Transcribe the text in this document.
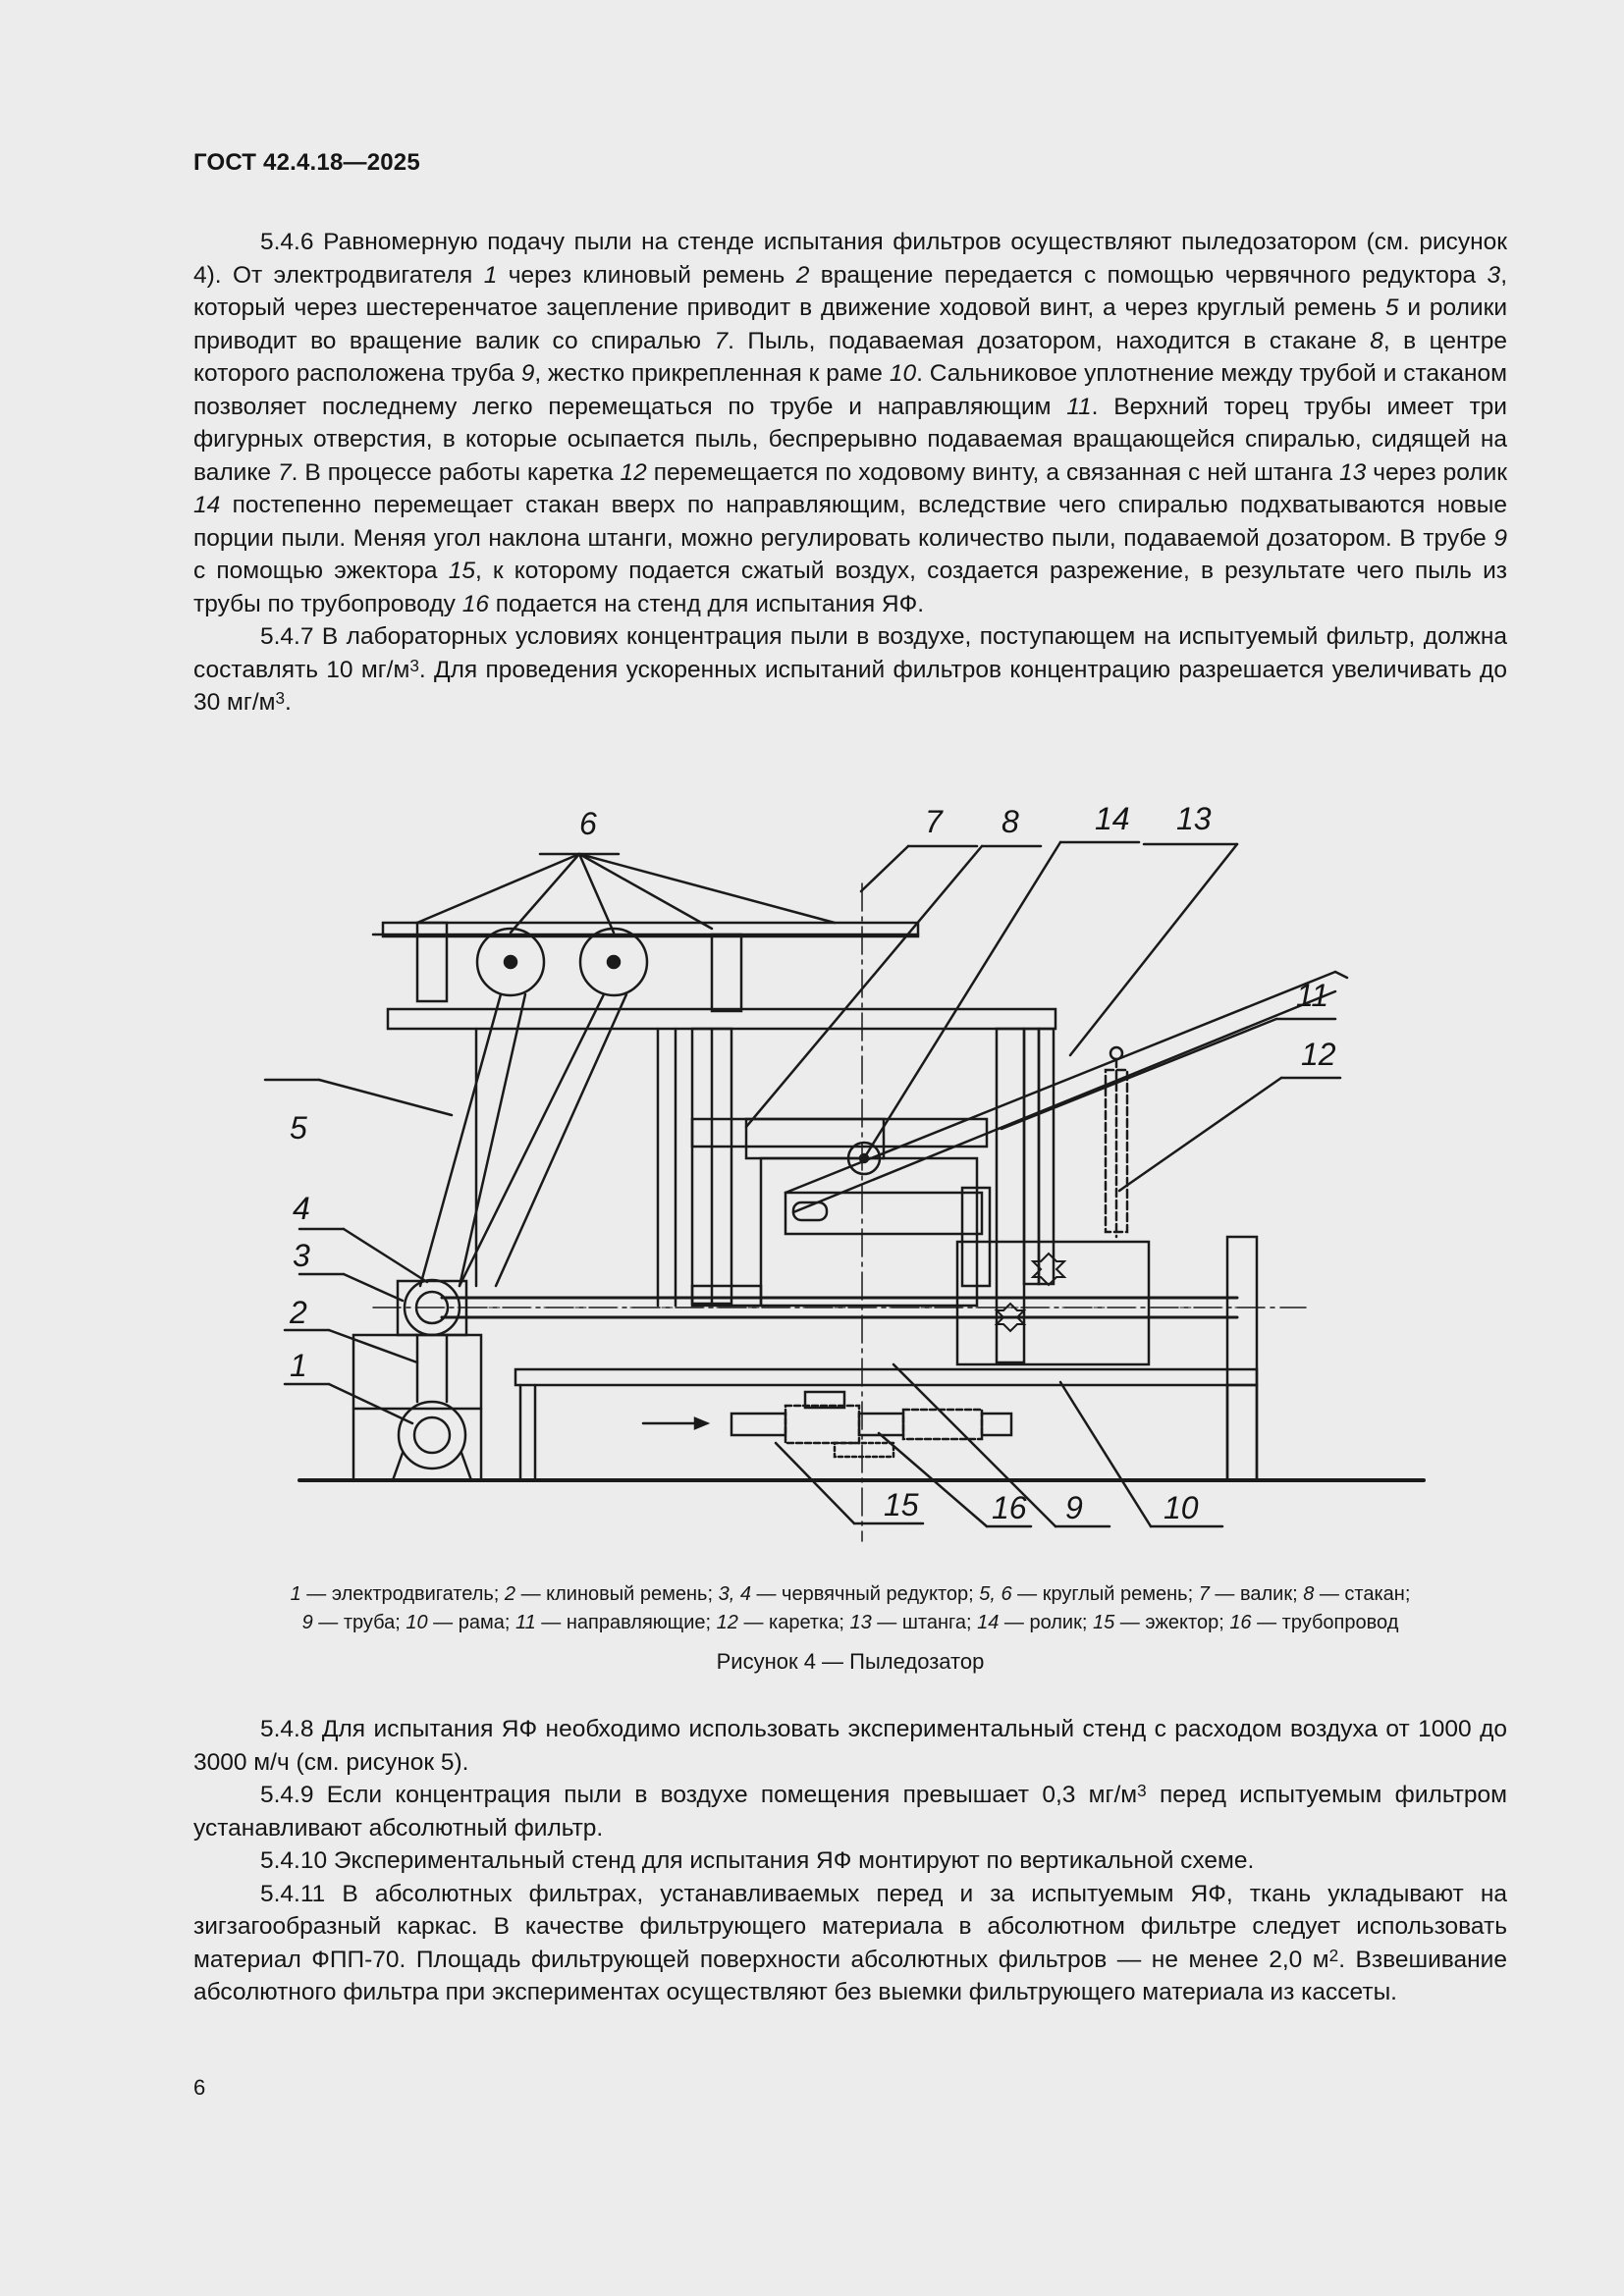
ГОСТ 42.4.18—2025

5.4.6 Равномерную подачу пыли на стенде испытания фильтров осуществляют пыледозатором (см. рисунок 4). От электродвигателя 1 через клиновый ремень 2 вращение передается с помощью червячного редуктора 3, который через шестеренчатое зацепление приводит в движение ходовой винт, а через круглый ремень 5 и ролики приводит во вращение валик со спиралью 7. Пыль, подаваемая дозатором, находится в стакане 8, в центре которого расположена труба 9, жестко прикрепленная к раме 10. Сальниковое уплотнение между трубой и стаканом позволяет последнему легко перемещаться по трубе и направляющим 11. Верхний торец трубы имеет три фигурных отверстия, в которые осыпается пыль, беспрерывно подаваемая вращающейся спиралью, сидящей на валике 7. В процессе работы каретка 12 перемещается по ходовому винту, а связанная с ней штанга 13 через ролик 14 постепенно перемещает стакан вверх по направляющим, вследствие чего спиралью подхватываются новые порции пыли. Меняя угол наклона штанги, можно регулировать количество пыли, подаваемой дозатором. В трубе 9 с помощью эжектора 15, к которому подается сжатый воздух, создается разрежение, в результате чего пыль из трубы по трубопроводу 16 подается на стенд для испытания ЯФ.

5.4.7 В лабораторных условиях концентрация пыли в воздухе, поступающем на испытуемый фильтр, должна составлять 10 $мг/м^3$. Для проведения ускоренных испытаний фильтров концентрацию разрешается увеличивать до 30 $мг/м^3$.

6	7 8 14 13
11
12
5
4
3
2
1
15 16 9	10
1 — электродвигатель; 2 — клиновый ремень; 3, 4 — червячный редуктор; 5, 6 — круглый ремень; 7 — валик; 8 — стакан;
9 — труба; 10 — рама; 11 — направляющие; 12 — каретка; 13 — штанга; 14 — ролик; 15 — эжектор; 16 — трубопровод
Рисунок 4 — Пыледозатор

5.4.8 Для испытания ЯФ необходимо использовать экспериментальный стенд с расходом воздуха от 1000 до 3000 м/ч (см. рисунок 5).

5.4.9 Если концентрация пыли в воздухе помещения превышает 0,3 $мг/м^3$ перед испытуемым фильтром устанавливают абсолютный фильтр.

5.4.10 Экспериментальный стенд для испытания ЯФ монтируют по вертикальной схеме.

5.4.11 В абсолютных фильтрах, устанавливаемых перед и за испытуемым ЯФ, ткань укладывают на зигзагообразный каркас. В качестве фильтрующего материала в абсолютном фильтре следует использовать материал ФПП-70. Площадь фильтрующей поверхности абсолютных фильтров — не менее 2,0 $м^2$. Взвешивание абсолютного фильтра при экспериментах осуществляют без выемки фильтрующего материала из кассеты.

6
